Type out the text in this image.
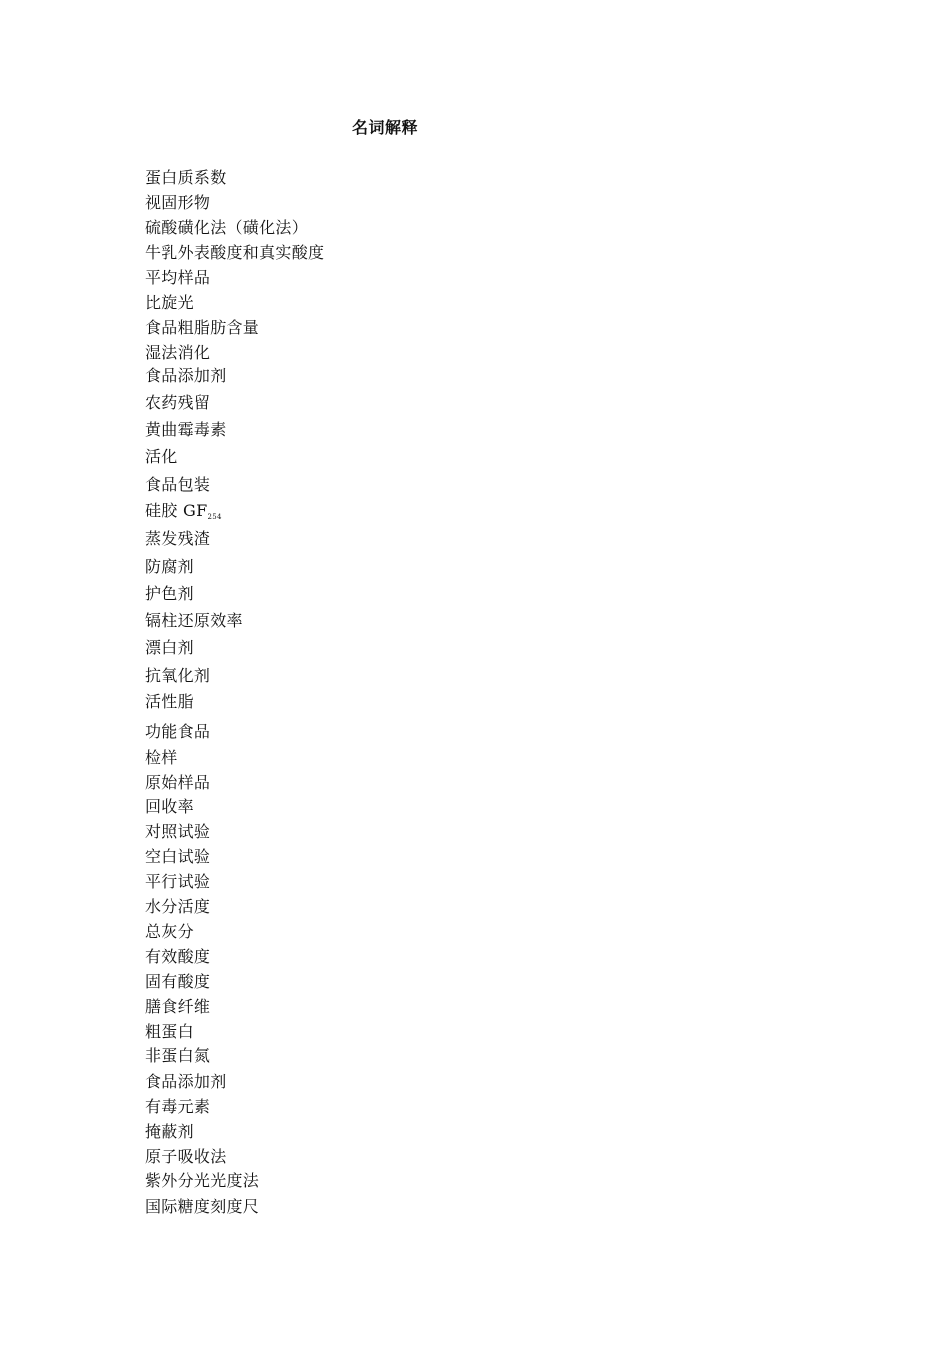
名词解释
蛋白质系数
视固形物
硫酸磺化法（磺化法）
牛乳外表酸度和真实酸度
平均样品
比旋光
食品粗脂肪含量
湿法消化
食品添加剂
农药残留
黄曲霉毒素
活化
食品包装
硅胶 $GF_{254}$
蒸发残渣
防腐剂
护色剂
镉柱还原效率
漂白剂
抗氧化剂
活性脂
功能食品
检样
原始样品
回收率
对照试验
空白试验
平行试验
水分活度
总灰分
有效酸度
固有酸度
膳食纤维
粗蛋白
非蛋白氮
食品添加剂
有毒元素
掩蔽剂
原子吸收法
紫外分光光度法
国际糖度刻度尺
